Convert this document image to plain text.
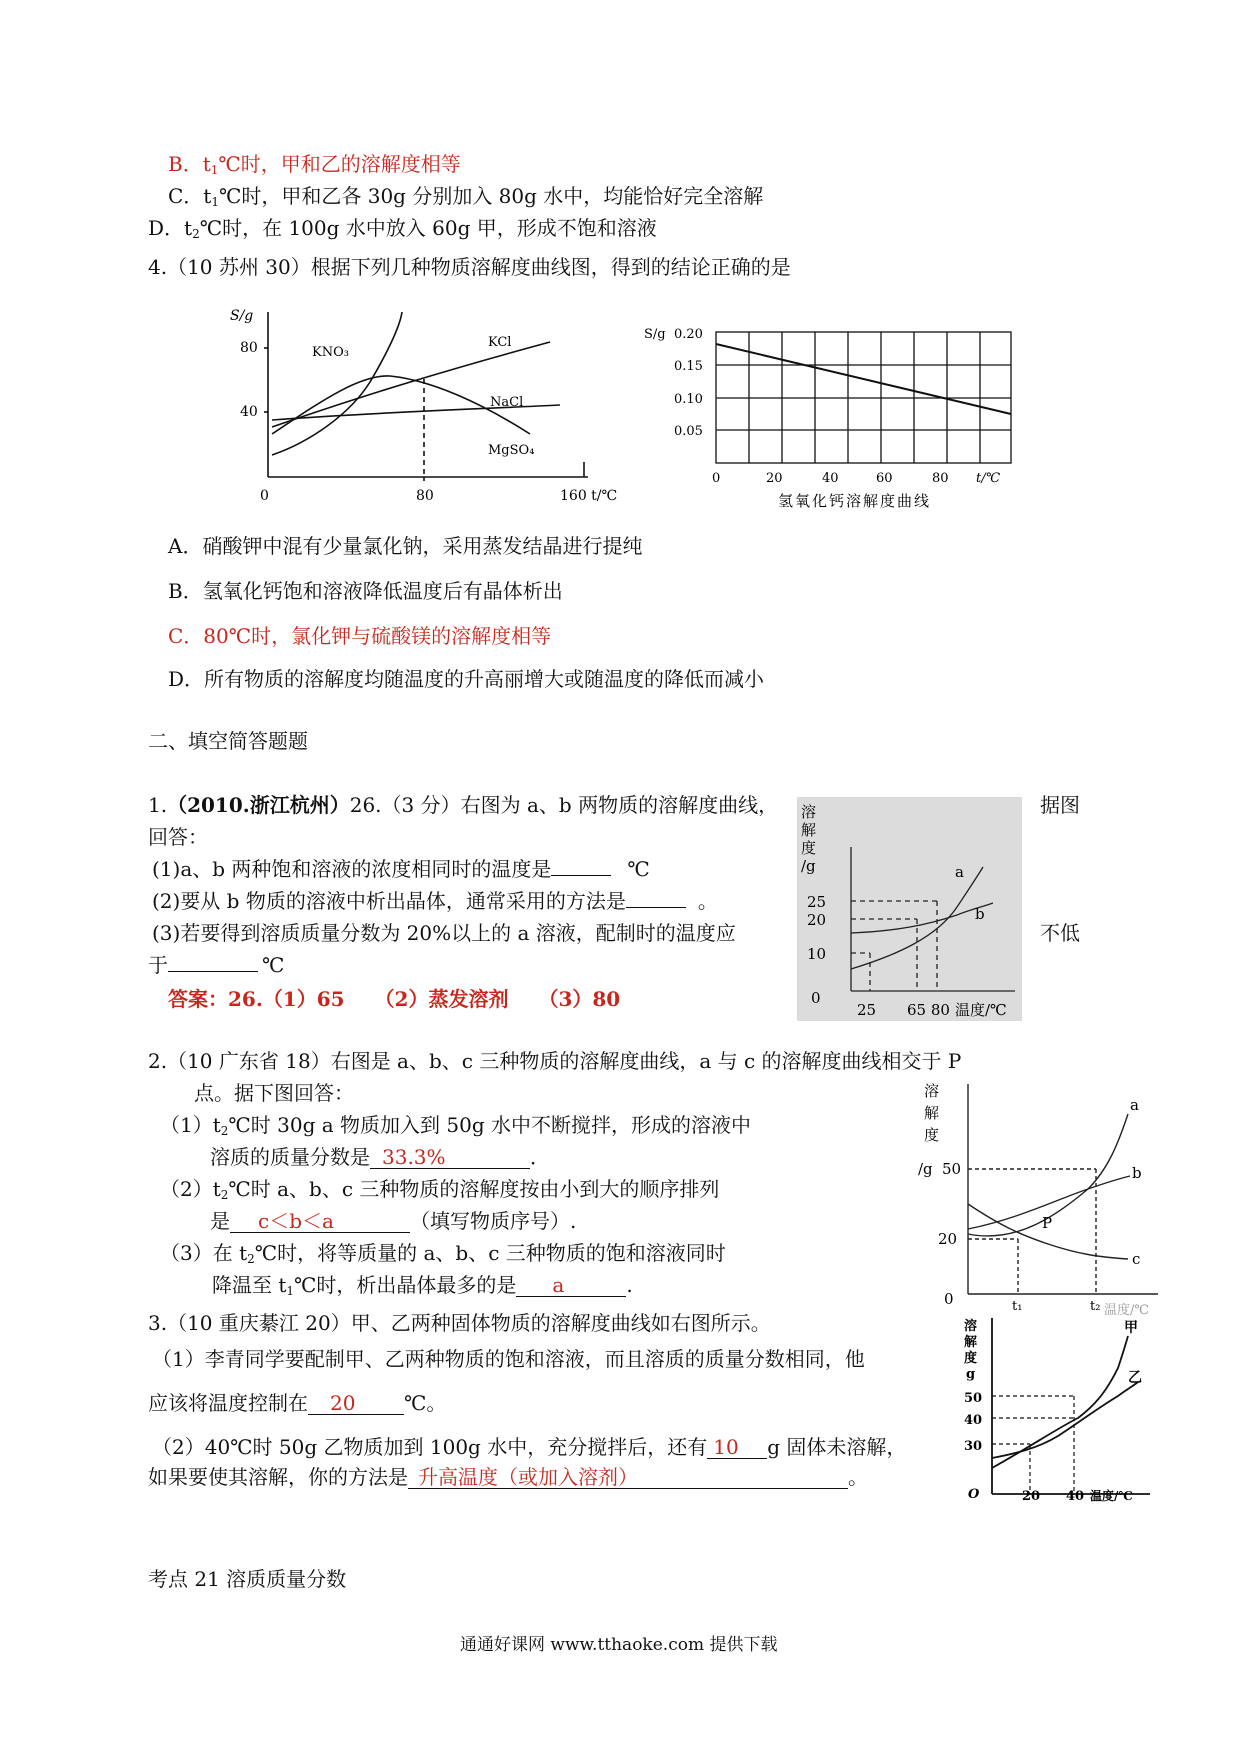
B．$t_1℃$时，甲和乙的溶解度相等
C．$t_1℃$时，甲和乙各 30g 分别加入 80g 水中，均能恰好完全溶解
D．$t_2℃$时，在 100g 水中放入 60g 甲，形成不饱和溶液
4.（10 苏州 30）根据下列几种物质溶解度曲线图，得到的结论正确的是
S/g
80
40
0	80	160 t/℃
KNO₃
KCl
NaCl
MgSO₄
S/g 0.20
0.15
0.10
0.05
0	20	40	60	80 t/℃
氢氧化钙溶解度曲线
A．硝酸钾中混有少量氯化钠，采用蒸发结晶进行提纯
B．氢氧化钙饱和溶液降低温度后有晶体析出
C．80℃时，氯化钾与硫酸镁的溶解度相等
D．所有物质的溶解度均随温度的升高丽增大或随温度的降低而减小
二、填空简答题题
1.（2010.浙江杭州）26.（3 分）右图为 a、b 两物质的溶解度曲线，	据图
回答：
(1)a、b 两种饱和溶液的浓度相同时的温度是	℃
(2)要从 b 物质的溶液中析出晶体，通常采用的方法是	。
(3)若要得到溶质质量分数为 20%以上的 a 溶液，配制时的温度应	不低
于	℃
答案：26.（1）65　　（2）蒸发溶剂　　（3）80
溶
解
度
/g
25
20
10
0
25 65 80 温度/℃
a
b
2.（10 广东省 18）右图是 a、b、c 三种物质的溶解度曲线，a 与 c 的溶解度曲线相交于 P
点。据下图回答：
$(1)t_2℃$时 30g a 物质加入到 50g 水中不断搅拌，形成的溶液中
溶质的质量分数是 33.3%	．
$(2)t_2℃$时 a、b、c 三种物质的溶解度按由小到大的顺序排列
是 c＜b＜a	（填写物质序号）.
（3）在 $t_2℃$时，将等质量的 a、b、c 三种物质的饱和溶液同时
降温至 $t_1℃$时，析出晶体最多的是 a	.
溶
解
度
/g 50
20
0	t₁	t₂ 温度/℃
a
b
c
P
3.（10 重庆綦江 20）甲、乙两种固体物质的溶解度曲线如右图所示。
（1）李青同学要配制甲、乙两种物质的饱和溶液，而且溶质的质量分数相同，他
应该将温度控制在 20 ℃。
（2）40℃时 50g 乙物质加到 100g 水中，充分搅拌后，还有 10 g 固体未溶解，
如果要使其溶解，你的方法是 升高温度（或加入溶剂）	。
溶
解
度
g
50
40
30
O	20 40 温度/℃
甲
乙
考点 21 溶质质量分数
通通好课网 www.tthaoke.com 提供下载
